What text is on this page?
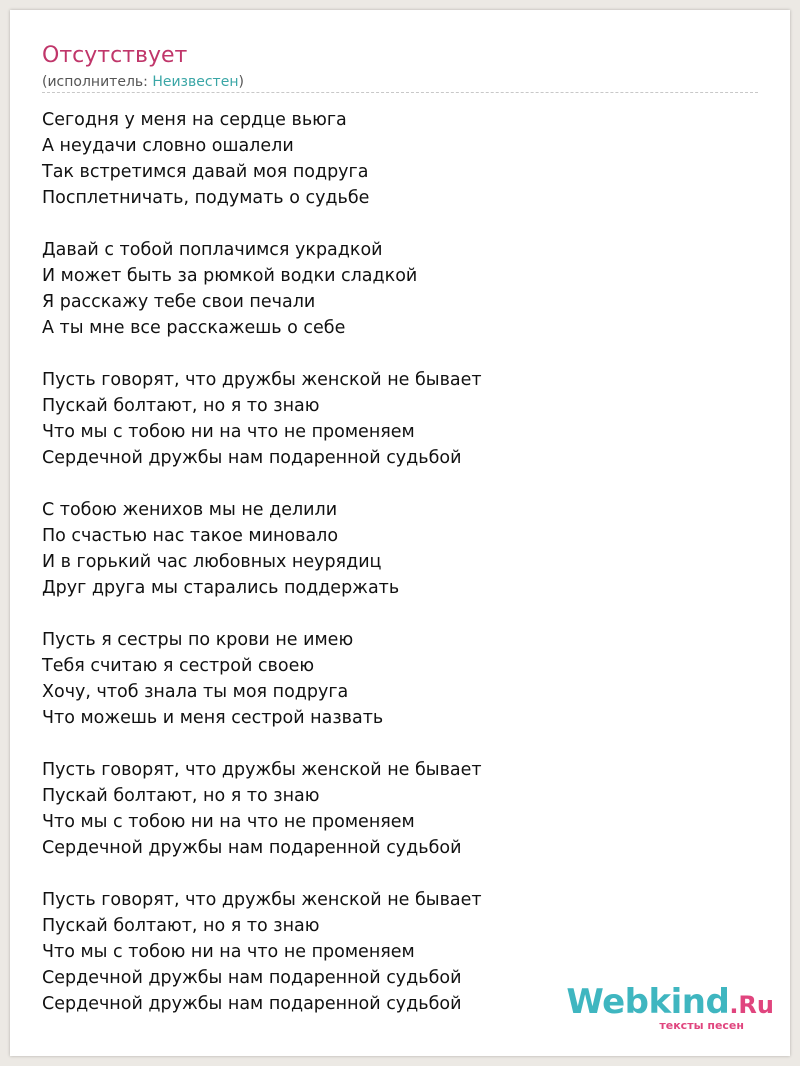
Отсутствует
(исполнитель: Неизвестен)
Сегодня у меня на сердце вьюга
А неудачи словно ошалели
Так встретимся давай моя подруга
Посплетничать, подумать о судьбе
Давай с тобой поплачимся украдкой
И может быть за рюмкой водки сладкой
Я расскажу тебе свои печали
А ты мне все расскажешь о себе
Пусть говорят, что дружбы женской не бывает
Пускай болтают, но я то знаю
Что мы с тобою ни на что не променяем
Сердечной дружбы нам подаренной судьбой
С тобою женихов мы не делили
По счастью нас такое миновало
И в горький час любовных неурядиц
Друг друга мы старались поддержать
Пусть я сестры по крови не имею
Тебя считаю я сестрой своею
Хочу, чтоб знала ты моя подруга
Что можешь и меня сестрой назвать
Пусть говорят, что дружбы женской не бывает
Пускай болтают, но я то знаю
Что мы с тобою ни на что не променяем
Сердечной дружбы нам подаренной судьбой
Пусть говорят, что дружбы женской не бывает
Пускай болтают, но я то знаю
Что мы с тобою ни на что не променяем
Сердечной дружбы нам подаренной судьбой
Сердечной дружбы нам подаренной судьбой	Webkind.Ru
тексты песен
